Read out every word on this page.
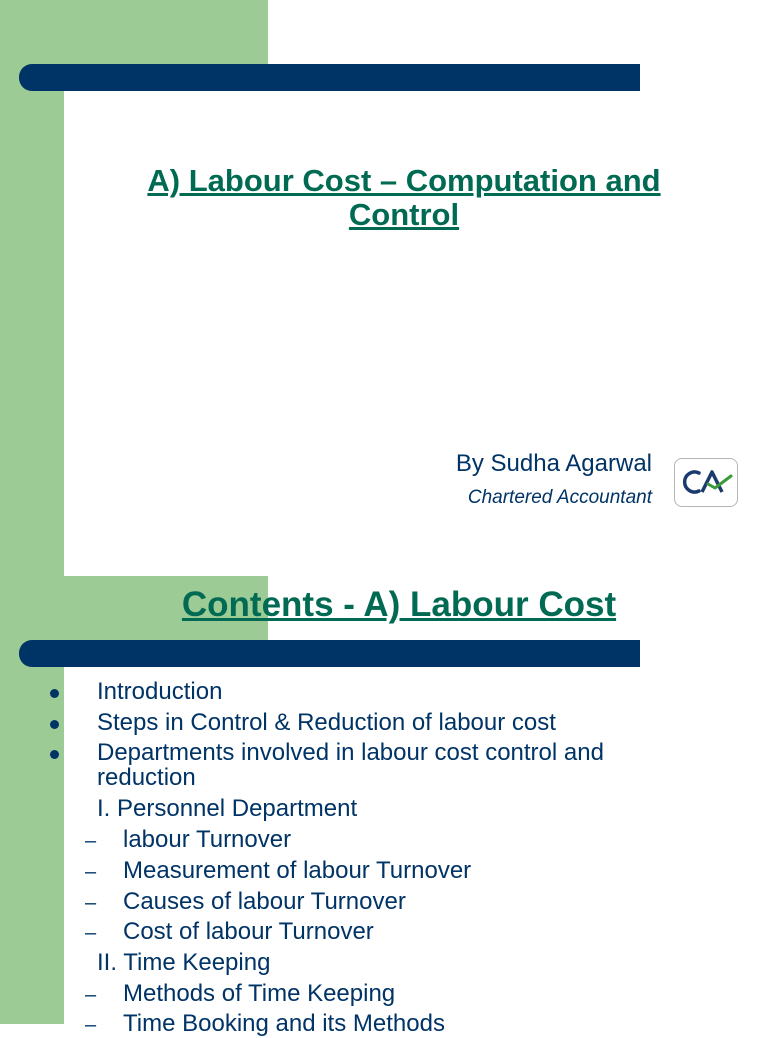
A) Labour Cost – Computation and
Control
By Sudha Agarwal
Chartered Accountant
Contents - A) Labour Cost
Introduction
Steps in Control & Reduction of labour cost
Departments involved in labour cost control and
reduction
I. Personnel Department
– labour Turnover
– Measurement of labour Turnover
– Causes of labour Turnover
– Cost of labour Turnover
II. Time Keeping
– Methods of Time Keeping
– Time Booking and its Methods
